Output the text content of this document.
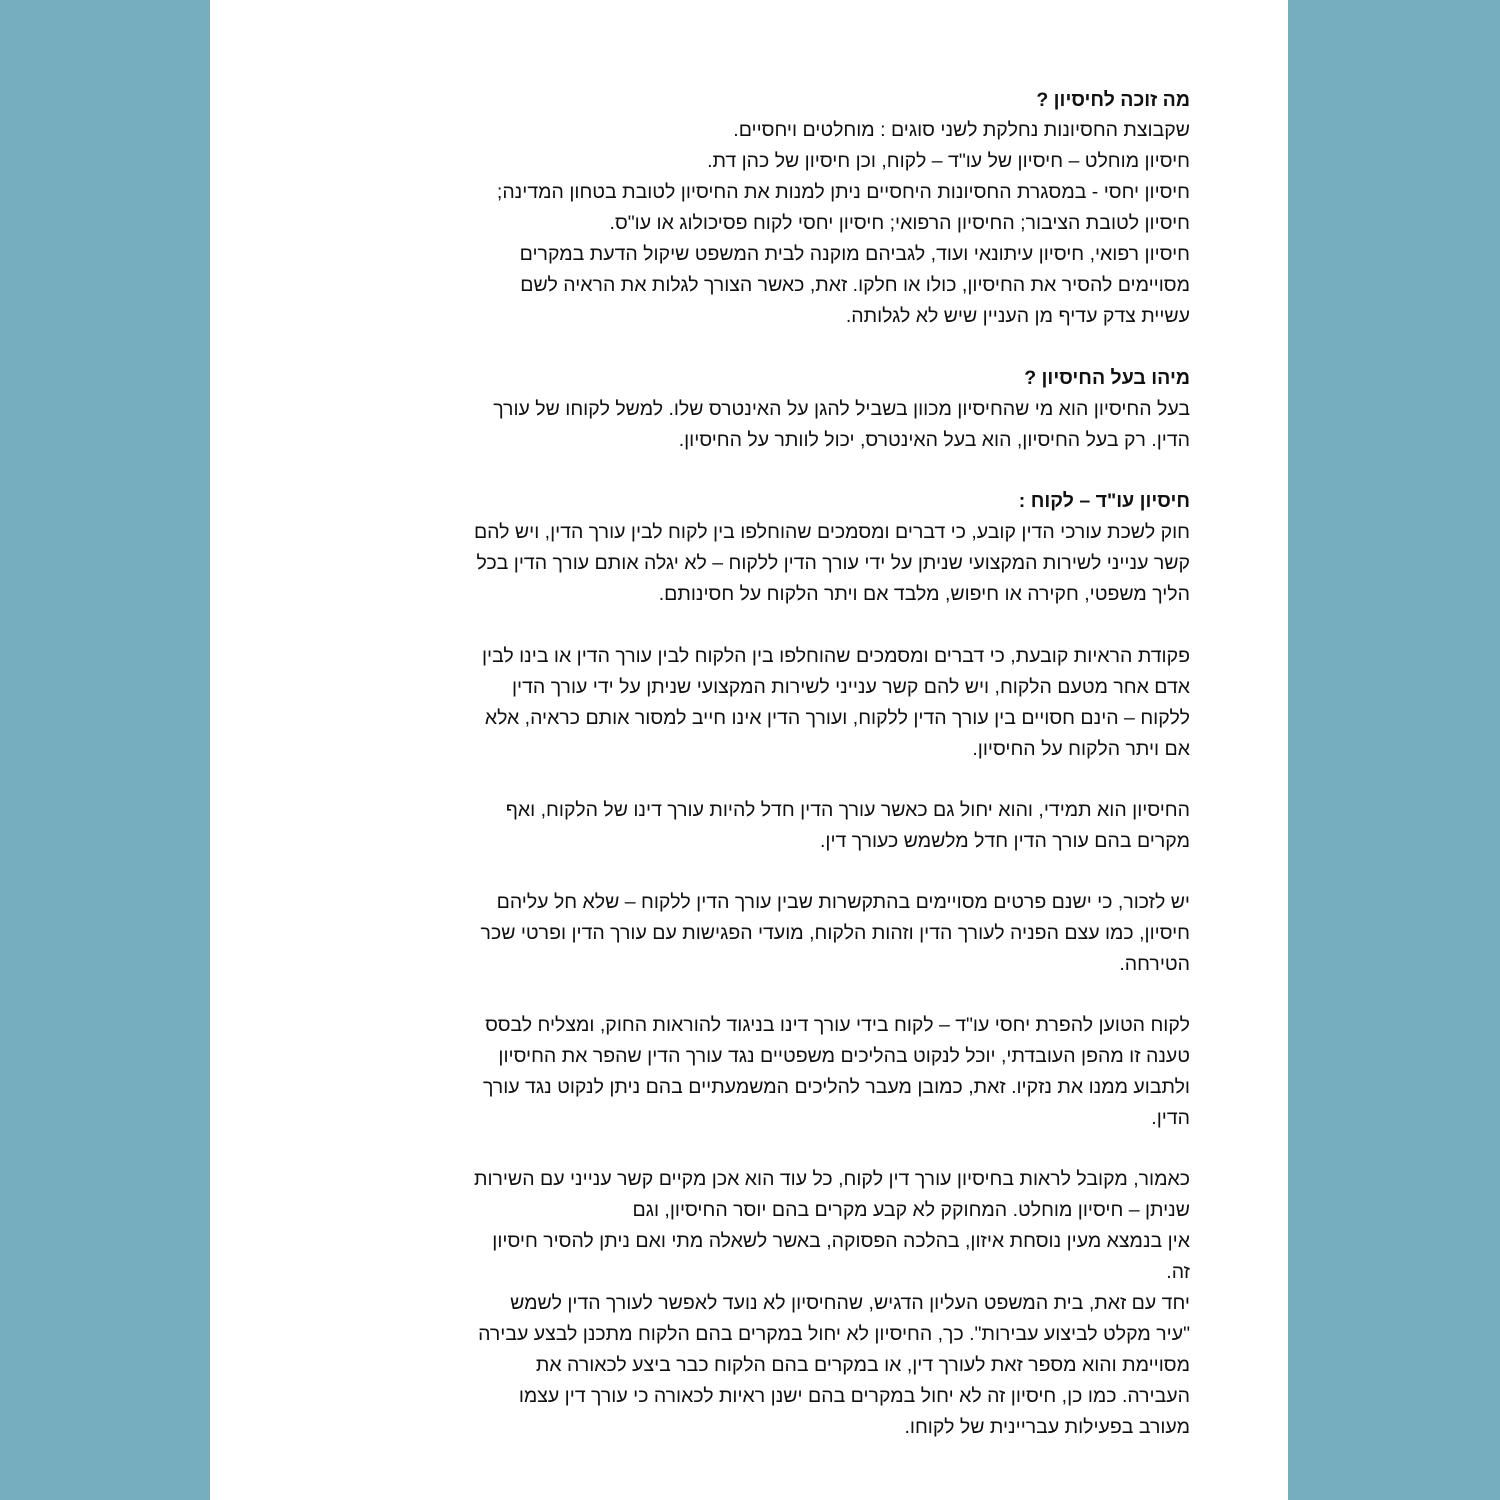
מה זוכה לחיסיון ?
שקבוצת החסיונות נחלקת לשני סוגים : מוחלטים ויחסיים.
חיסיון מוחלט – חיסיון של עו"ד – לקוח, וכן חיסיון של כהן דת.
חיסיון יחסי - במסגרת החסיונות היחסיים ניתן למנות את החיסיון לטובת בטחון המדינה;
חיסיון לטובת הציבור; החיסיון הרפואי; חיסיון יחסי לקוח פסיכולוג או עו"ס.
חיסיון רפואי, חיסיון עיתונאי ועוד, לגביהם מוקנה לבית המשפט שיקול הדעת במקרים
מסויימים להסיר את החיסיון, כולו או חלקו. זאת, כאשר הצורך לגלות את הראיה לשם
עשיית צדק עדיף מן העניין שיש לא לגלותה.
מיהו בעל החיסיון ?
בעל החיסיון הוא מי שהחיסיון מכוון בשביל להגן על האינטרס שלו. למשל לקוחו של עורך
הדין. רק בעל החיסיון, הוא בעל האינטרס, יכול לוותר על החיסיון.
חיסיון עו"ד – לקוח :
חוק לשכת עורכי הדין קובע, כי דברים ומסמכים שהוחלפו בין לקוח לבין עורך הדין, ויש להם
קשר ענייני לשירות המקצועי שניתן על ידי עורך הדין ללקוח – לא יגלה אותם עורך הדין בכל
הליך משפטי, חקירה או חיפוש, מלבד אם ויתר הלקוח על חסינותם.
פקודת הראיות קובעת, כי דברים ומסמכים שהוחלפו בין הלקוח לבין עורך הדין או בינו לבין
אדם אחר מטעם הלקוח, ויש להם קשר ענייני לשירות המקצועי שניתן על ידי עורך הדין
ללקוח – הינם חסויים בין עורך הדין ללקוח, ועורך הדין אינו חייב למסור אותם כראיה, אלא
אם ויתר הלקוח על החיסיון.
החיסיון הוא תמידי, והוא יחול גם כאשר עורך הדין חדל להיות עורך דינו של הלקוח, ואף
מקרים בהם עורך הדין חדל מלשמש כעורך דין.
יש לזכור, כי ישנם פרטים מסויימים בהתקשרות שבין עורך הדין ללקוח – שלא חל עליהם
חיסיון, כמו עצם הפניה לעורך הדין וזהות הלקוח, מועדי הפגישות עם עורך הדין ופרטי שכר
הטירחה.
לקוח הטוען להפרת יחסי עו"ד – לקוח בידי עורך דינו בניגוד להוראות החוק, ומצליח לבסס
טענה זו מהפן העובדתי, יוכל לנקוט בהליכים משפטיים נגד עורך הדין שהפר את החיסיון
ולתבוע ממנו את נזקיו. זאת, כמובן מעבר להליכים המשמעתיים בהם ניתן לנקוט נגד עורך
הדין.
כאמור, מקובל לראות בחיסיון עורך דין לקוח, כל עוד הוא אכן מקיים קשר ענייני עם השירות
שניתן – חיסיון מוחלט. המחוקק לא קבע מקרים בהם יוסר החיסיון, וגם
אין בנמצא מעין נוסחת איזון, בהלכה הפסוקה, באשר לשאלה מתי ואם ניתן להסיר חיסיון
זה.
יחד עם זאת, בית המשפט העליון הדגיש, שהחיסיון לא נועד לאפשר לעורך הדין לשמש
"עיר מקלט לביצוע עבירות". כך, החיסיון לא יחול במקרים בהם הלקוח מתכנן לבצע עבירה
מסויימת והוא מספר זאת לעורך דין, או במקרים בהם הלקוח כבר ביצע לכאורה את
העבירה. כמו כן, חיסיון זה לא יחול במקרים בהם ישנן ראיות לכאורה כי עורך דין עצמו
מעורב בפעילות עבריינית של לקוחו.
